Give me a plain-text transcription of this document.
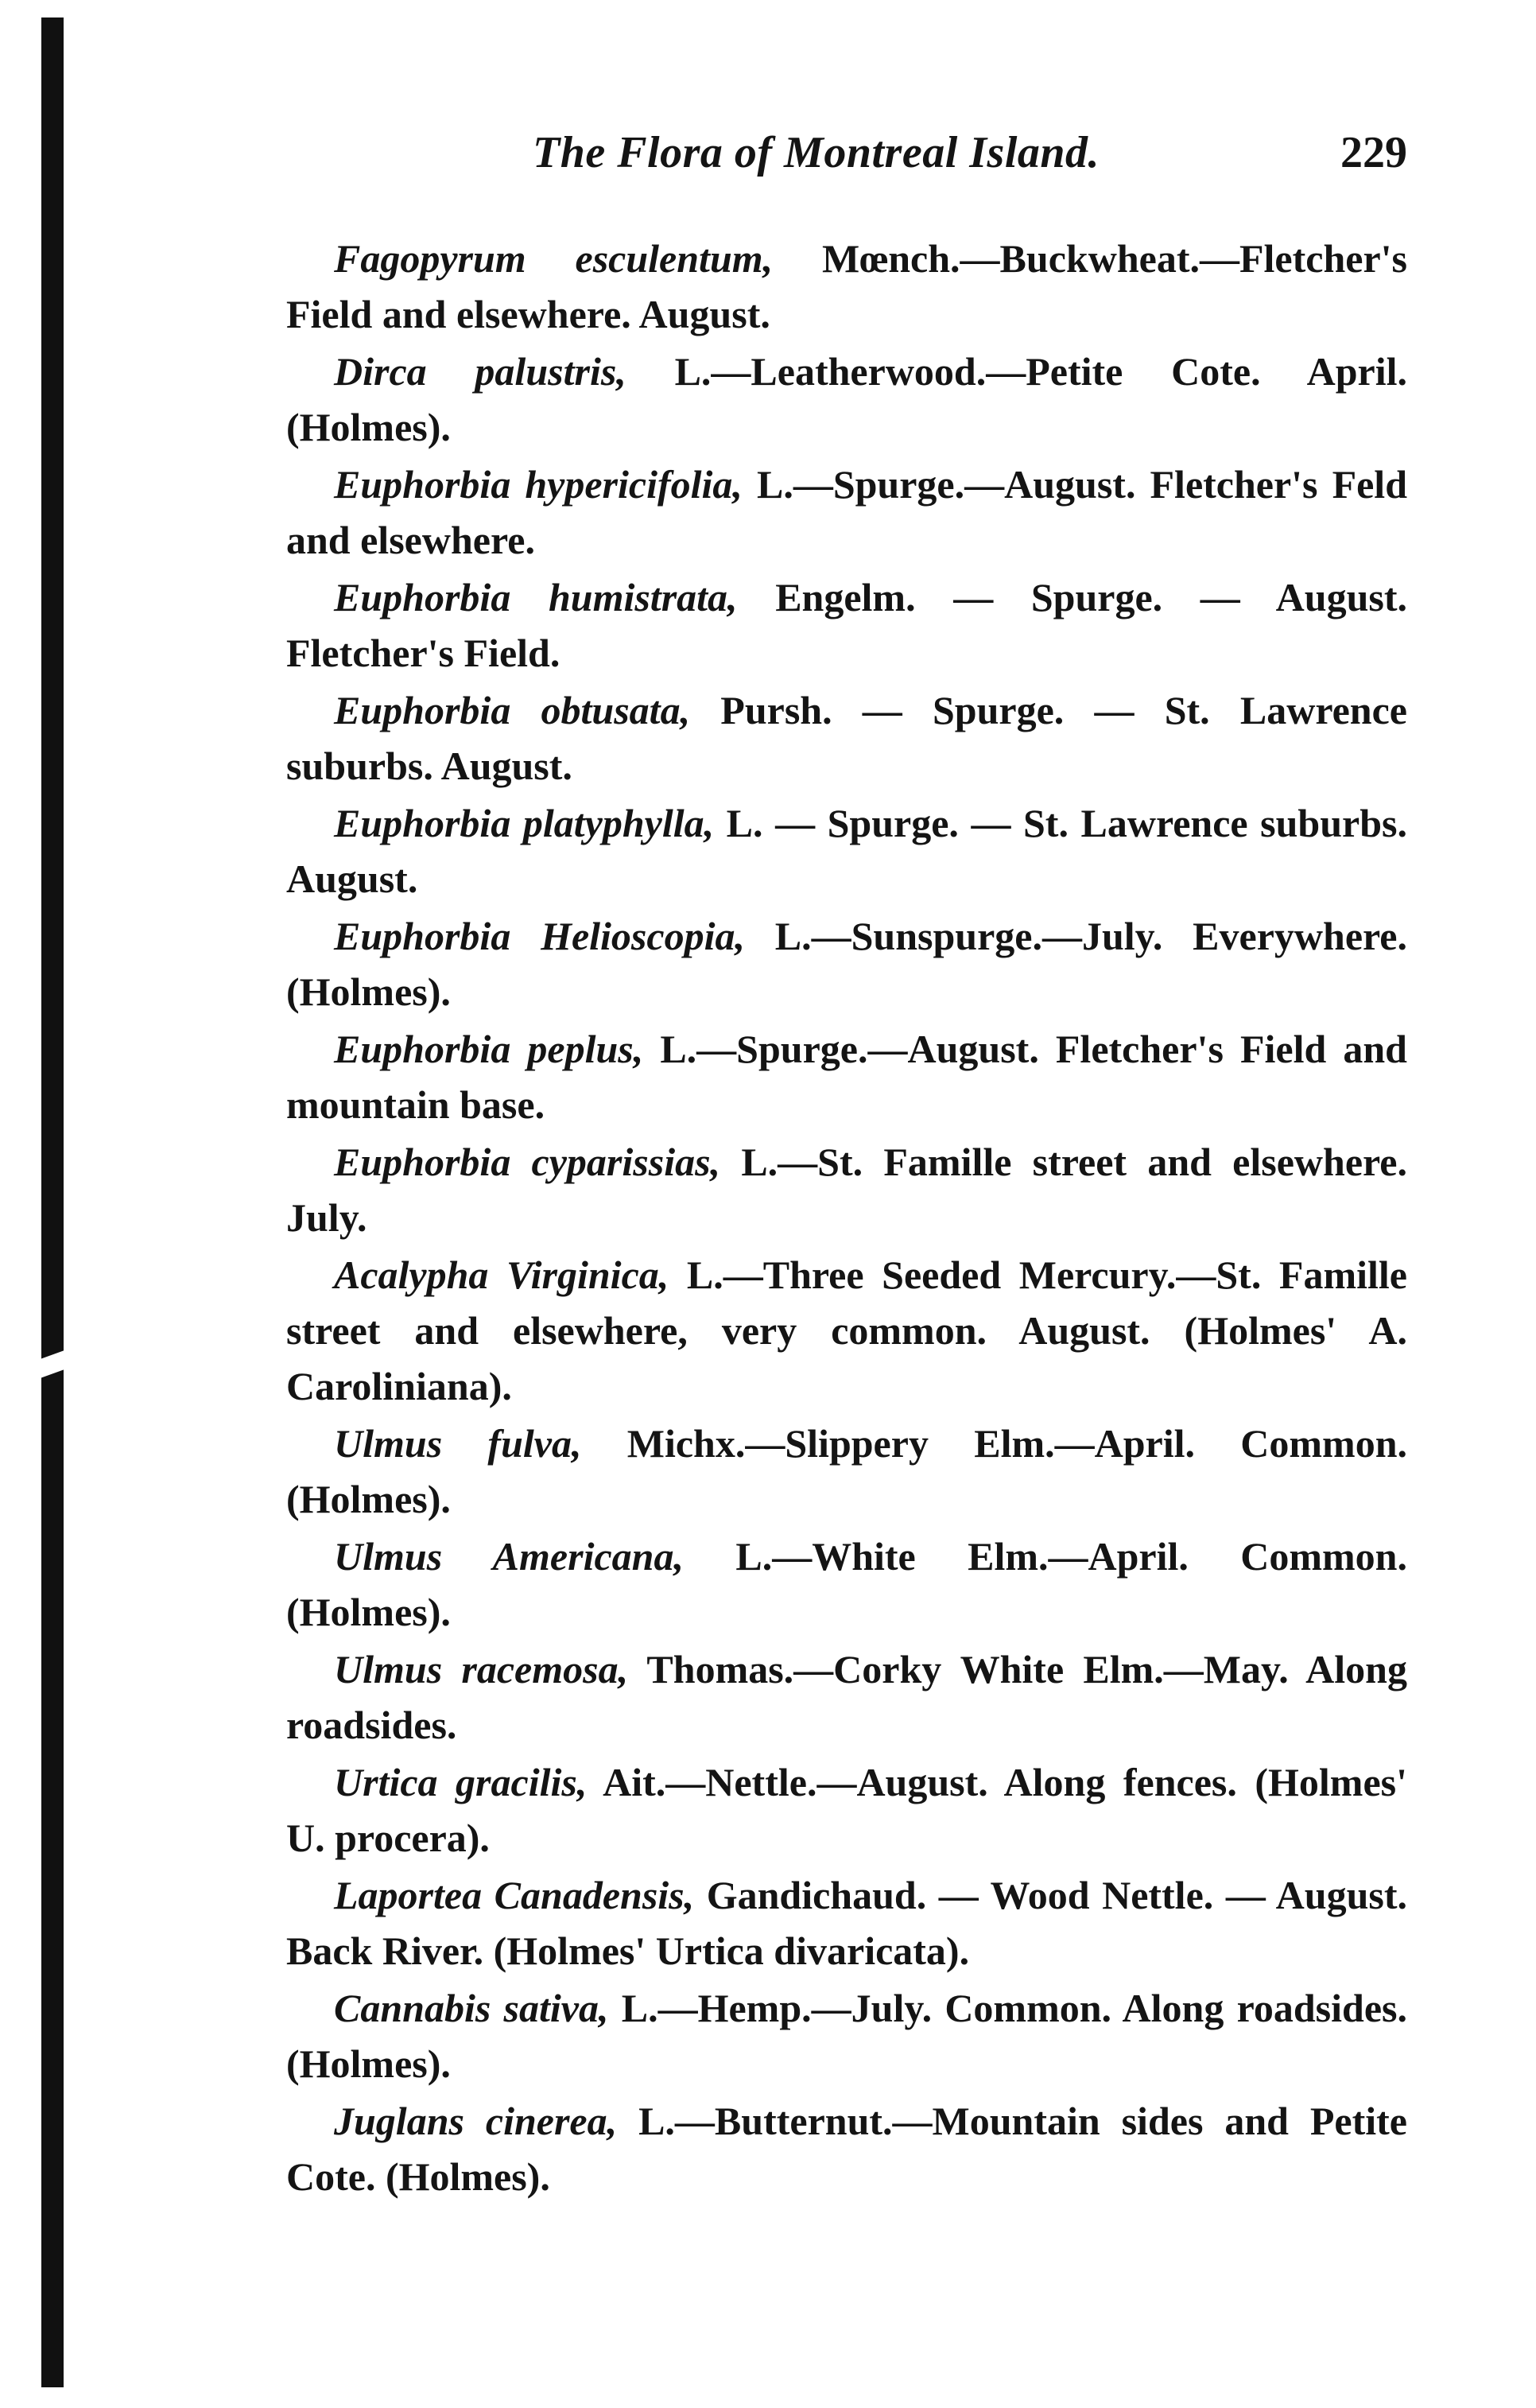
The Flora of Montreal Island.	229

Fagopyrum esculentum, Mœnch.—Buckwheat.—Fletcher's Field and elsewhere. August.

Dirca palustris, L.—Leatherwood.—Petite Cote. April. (Holmes).

Euphorbia hypericifolia, L.—Spurge.—August. Fletcher's Feld and elsewhere.

Euphorbia humistrata, Engelm. — Spurge. — August. Fletcher's Field.

Euphorbia obtusata, Pursh. — Spurge. — St. Lawrence suburbs. August.

Euphorbia platyphylla, L. — Spurge. — St. Lawrence suburbs. August.

Euphorbia Helioscopia, L.—Sunspurge.—July. Everywhere. (Holmes).

Euphorbia peplus, L.—Spurge.—August. Fletcher's Field and mountain base.

Euphorbia cyparissias, L.—St. Famille street and elsewhere. July.

Acalypha Virginica, L.—Three Seeded Mercury.—St. Famille street and elsewhere, very common. August. (Holmes' A. Caroliniana).

Ulmus fulva, Michx.—Slippery Elm.—April. Common. (Holmes).

Ulmus Americana, L.—White Elm.—April. Common. (Holmes).

Ulmus racemosa, Thomas.—Corky White Elm.—May. Along roadsides.

Urtica gracilis, Ait.—Nettle.—August. Along fences. (Holmes' U. procera).

Laportea Canadensis, Gandichaud. — Wood Nettle. — August. Back River. (Holmes' Urtica divaricata).

Cannabis sativa, L.—Hemp.—July. Common. Along roadsides. (Holmes).

Juglans cinerea, L.—Butternut.—Mountain sides and Petite Cote. (Holmes).
